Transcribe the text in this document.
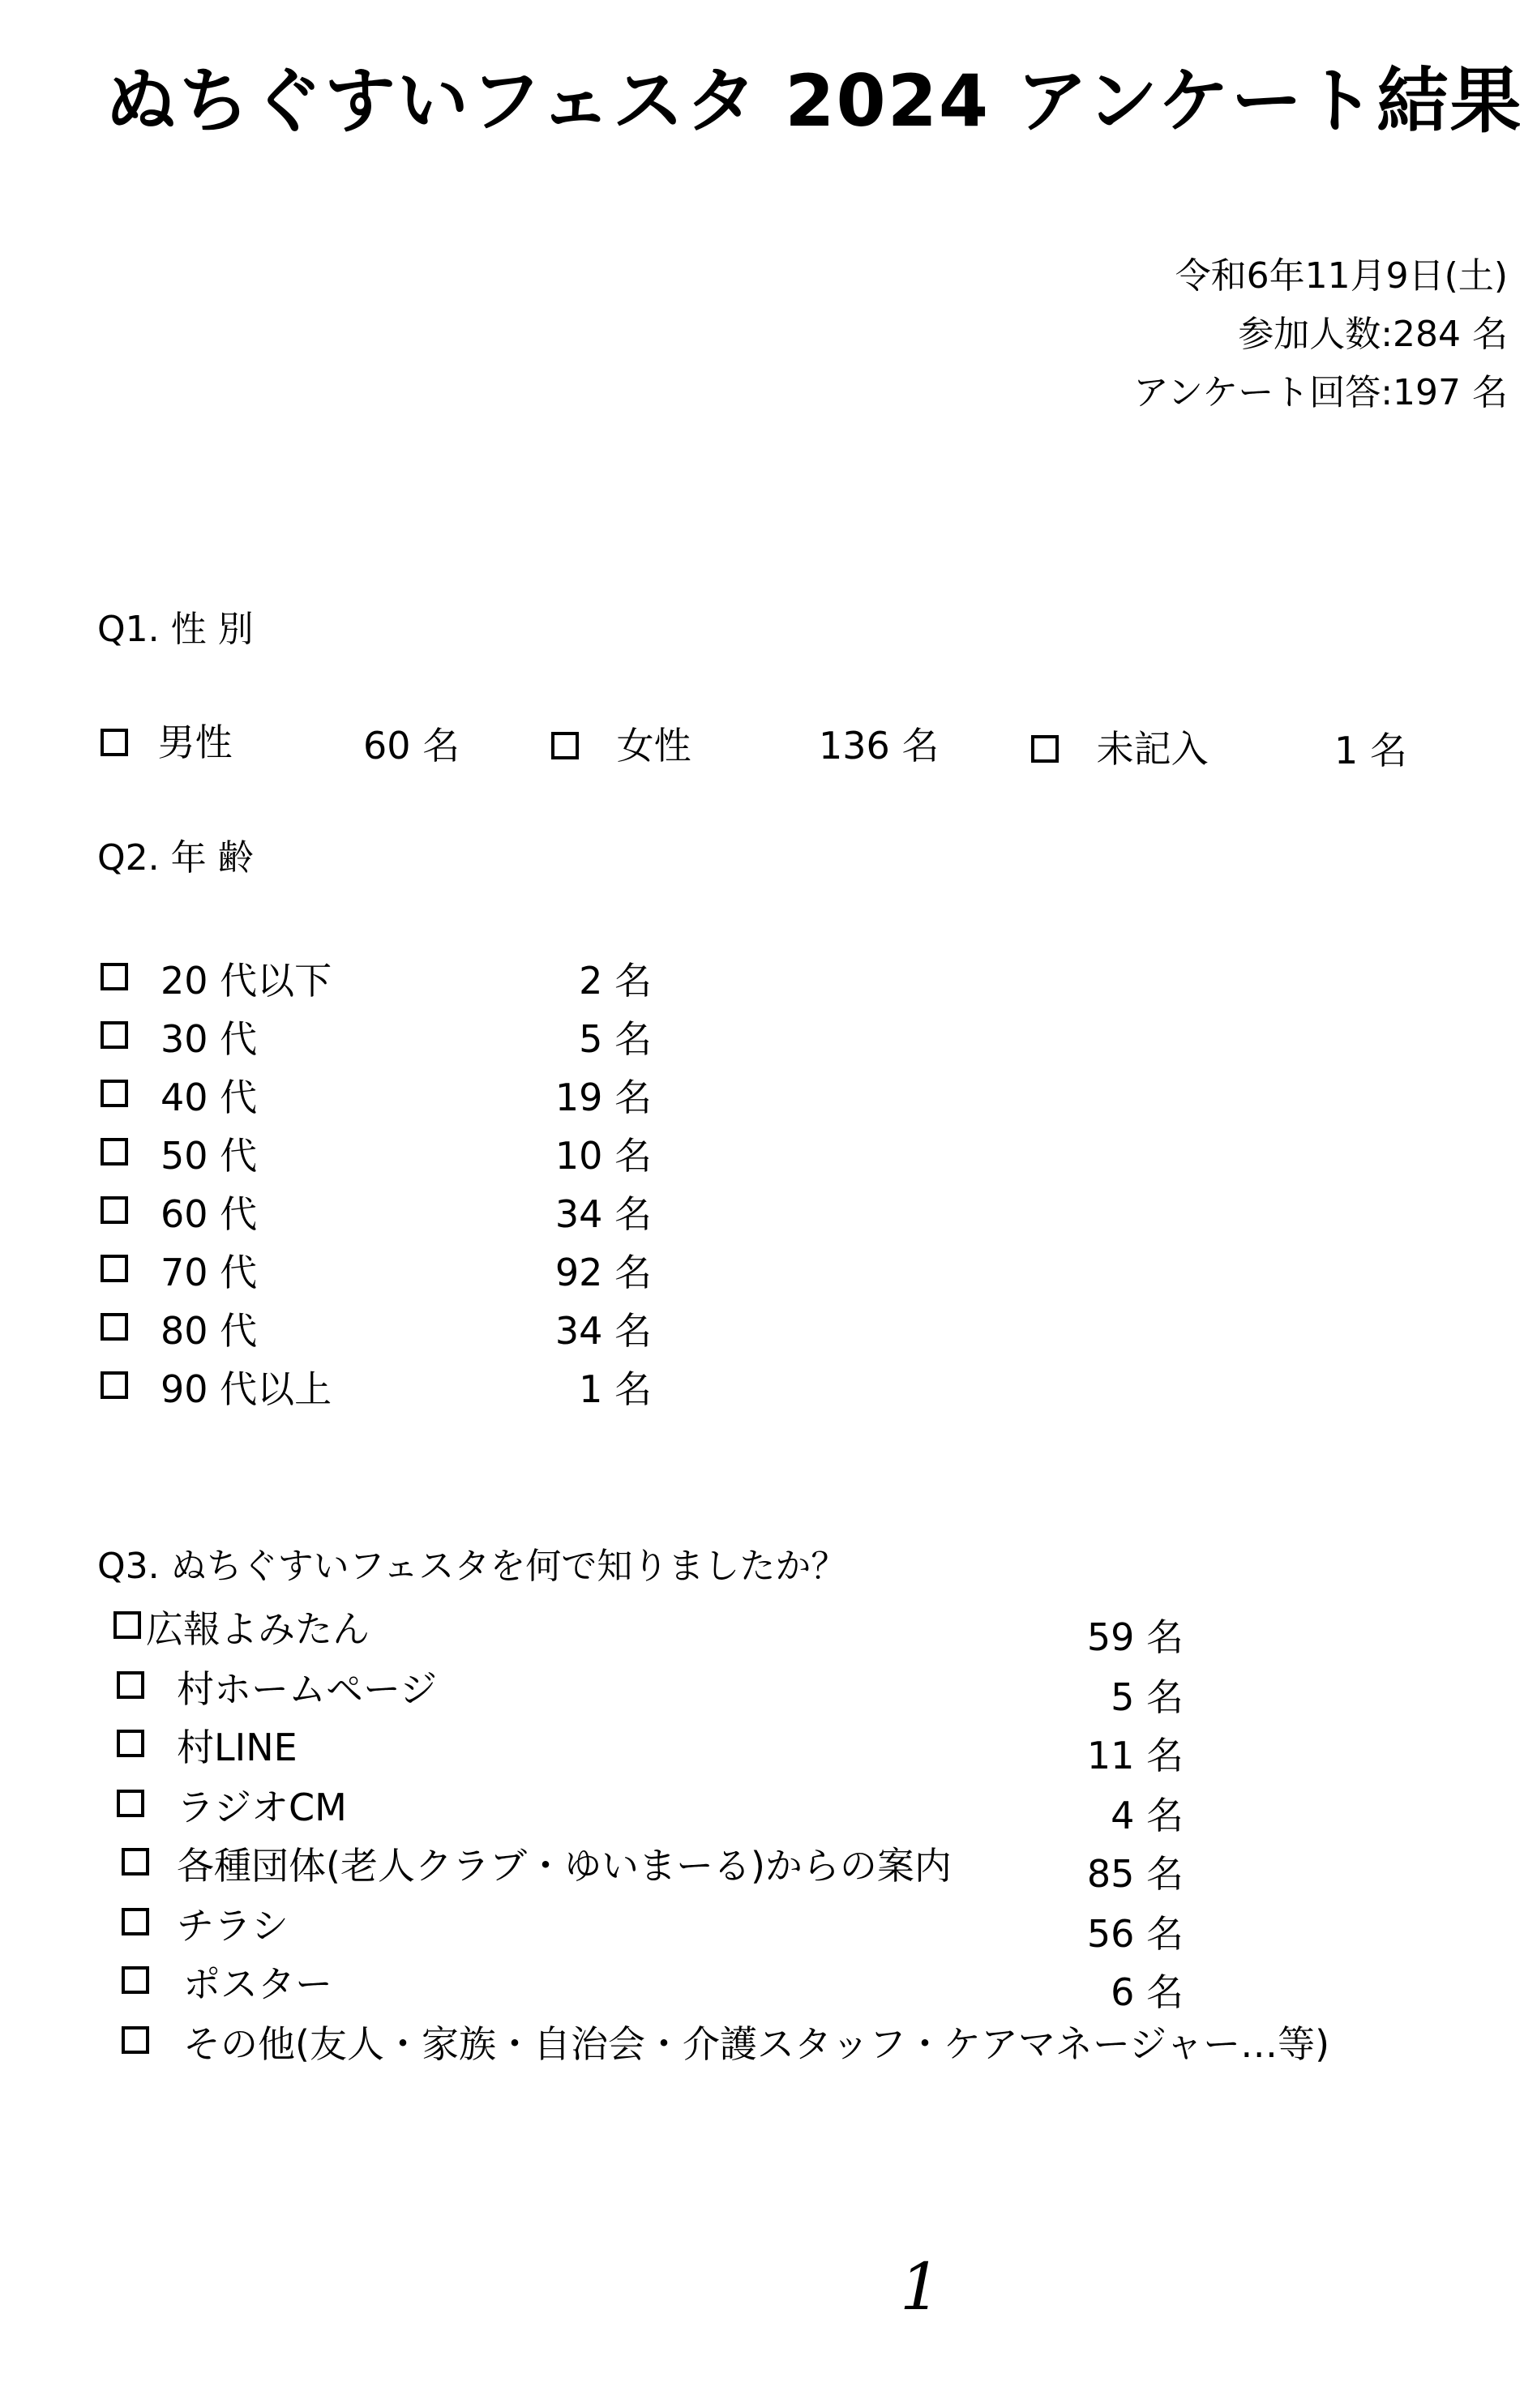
ぬちぐすいフェスタ 2024 アンケート結果
令和6年11月9日(土)
参加人数:284 名
アンケート回答:197 名
Q1. 性 別
男性	60 名	女性	136 名	未記入	1 名
Q2. 年 齢
20 代以下	2 名
30 代	5 名
40 代	19 名
50 代	10 名
60 代	34 名
70 代	92 名
80 代	34 名
90 代以上	1 名
Q3. ぬちぐすいフェスタを何で知りましたか？
広報よみたん	59 名
村ホームページ	5 名
村LINE	11 名
ラジオCM	4 名
各種団体(老人クラブ・ゆいまーる)からの案内	85 名
チラシ	56 名
ポスター	6 名
その他(友人・家族・自治会・介護スタッフ・ケアマネージャー…等)
1
